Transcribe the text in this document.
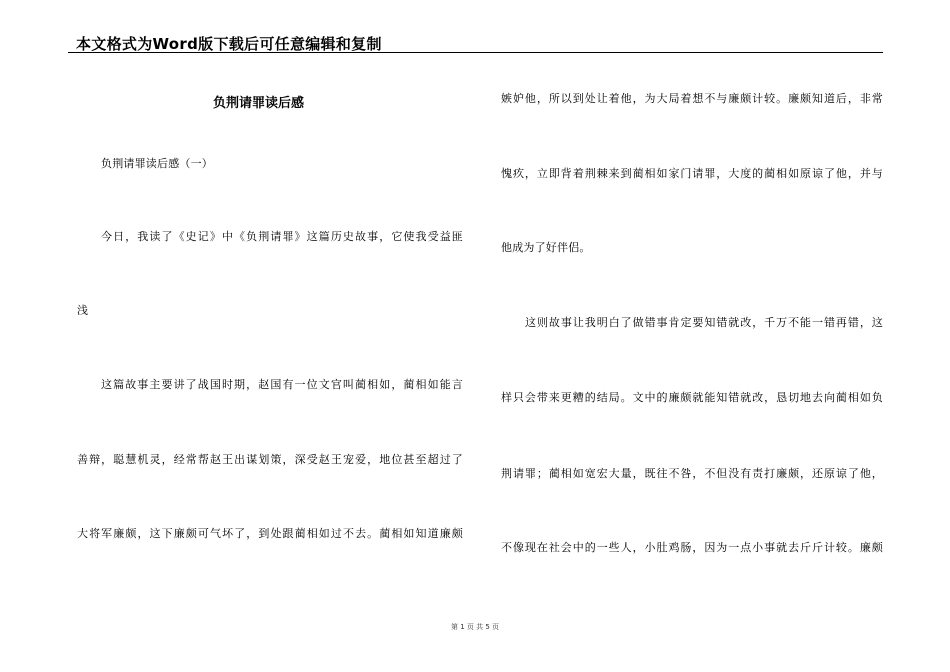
本文格式为Word版下载后可任意编辑和复制
负荆请罪读后感
负荆请罪读后感（一）
今日，我读了《史记》中《负荆请罪》这篇历史故事，它使我受益匪
浅
这篇故事主要讲了战国时期，赵国有一位文官叫蔺相如，蔺相如能言
善辩，聪慧机灵，经常帮赵王出谋划策，深受赵王宠爱，地位甚至超过了
大将军廉颇，这下廉颇可气坏了，到处跟蔺相如过不去。蔺相如知道廉颇
嫉妒他，所以到处让着他，为大局着想不与廉颇计较。廉颇知道后，非常
愧疚，立即背着荆棘来到蔺相如家门请罪，大度的蔺相如原谅了他，并与
他成为了好伴侣。
这则故事让我明白了做错事肯定要知错就改，千万不能一错再错，这
样只会带来更糟的结局。文中的廉颇就能知错就改，恳切地去向蔺相如负
荆请罪；蔺相如宽宏大量，既往不咎，不但没有责打廉颇，还原谅了他，
不像现在社会中的一些人，小肚鸡肠，因为一点小事就去斤斤计较。廉颇
第 1 页 共 5 页
